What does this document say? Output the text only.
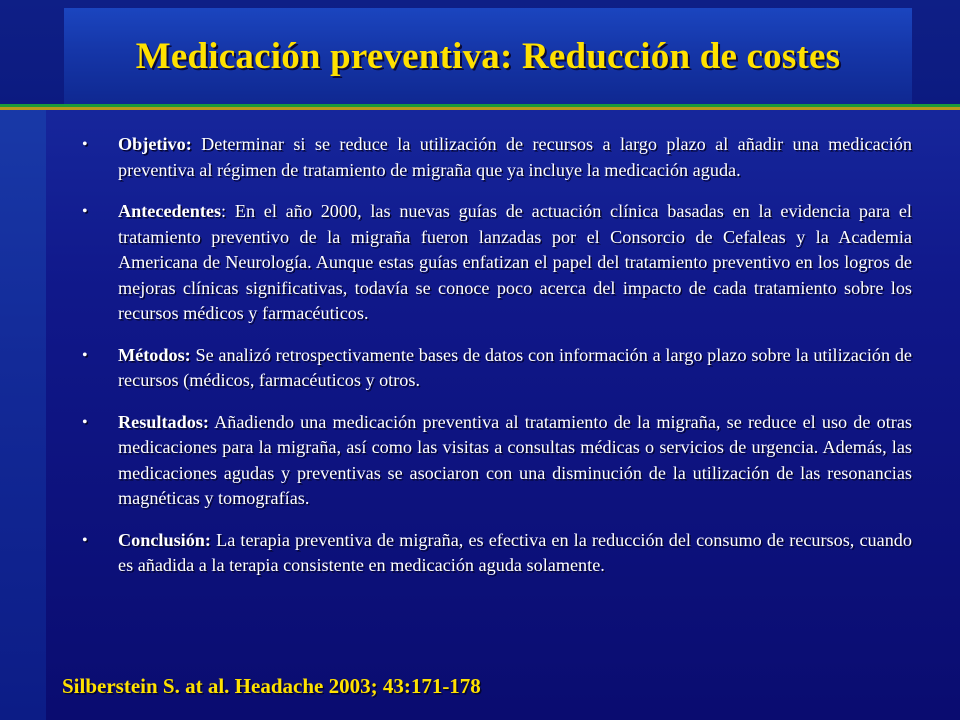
Medicación preventiva: Reducción de costes

• Objetivo: Determinar si se reduce la utilización de recursos a largo plazo al añadir una medicación preventiva al régimen de tratamiento de migraña que ya incluye la medicación aguda.

• Antecedentes: En el año 2000, las nuevas guías de actuación clínica basadas en la evidencia para el tratamiento preventivo de la migraña fueron lanzadas por el Consorcio de Cefaleas y la Academia Americana de Neurología. Aunque estas guías enfatizan el papel del tratamiento preventivo en los logros de mejoras clínicas significativas, todavía se conoce poco acerca del impacto de cada tratamiento sobre los recursos médicos y farmacéuticos.

• Métodos: Se analizó retrospectivamente bases de datos con información a largo plazo sobre la utilización de recursos (médicos, farmacéuticos y otros.

• Resultados: Añadiendo una medicación preventiva al tratamiento de la migraña, se reduce el uso de otras medicaciones para la migraña, así como las visitas a consultas médicas o servicios de urgencia. Además, las medicaciones agudas y preventivas se asociaron con una disminución de la utilización de las resonancias magnéticas y tomografías.

• Conclusión: La terapia preventiva de migraña, es efectiva en la reducción del consumo de recursos, cuando es añadida a la terapia consistente en medicación aguda solamente.

Silberstein S. at al. Headache 2003; 43:171-178
